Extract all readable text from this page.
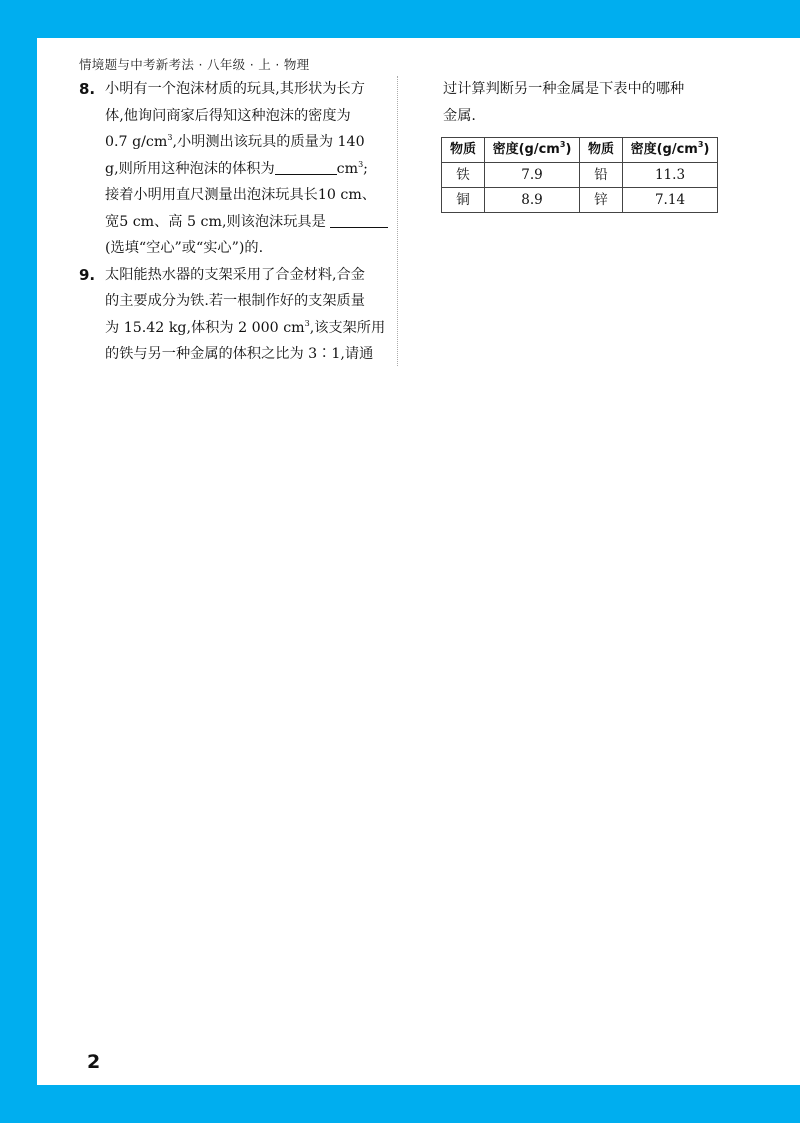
情境题与中考新考法 · 八年级 · 上 · 物理
8. 小明有一个泡沫材质的玩具,其形状为长方
体,他询问商家后得知这种泡沫的密度为
0.7 $g/cm^3$,小明测出该玩具的质量为 140
g,则所用这种泡沫的体积为	$cm^3$;
接着小明用直尺测量出泡沫玩具长10 cm、
宽5 cm、高 5 cm,则该泡沫玩具是
(选填“空心”或“实心”)的.
9. 太阳能热水器的支架采用了合金材料,合金
的主要成分为铁.若一根制作好的支架质量
为 15.42 kg,体积为 2 000 $cm^3$,该支架所用
的铁与另一种金属的体积之比为 3∶1,请通
过计算判断另一种金属是下表中的哪种
金属.
物质	密度$(g/cm^3)$	物质	密度$(g/cm^3)$
铁	7.9	铅	11.3
铜	8.9	锌	7.14
2
